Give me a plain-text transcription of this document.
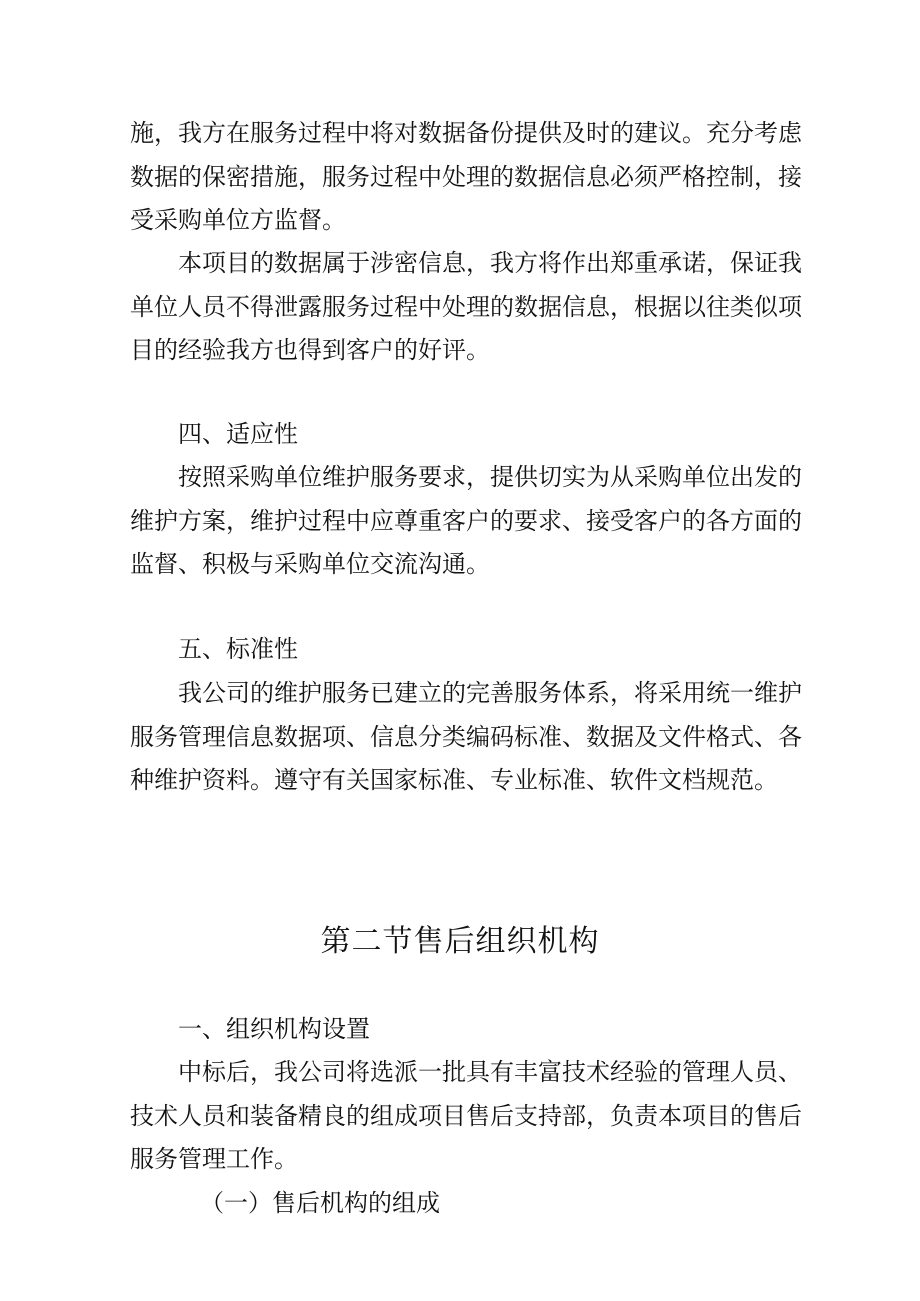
施，我方在服务过程中将对数据备份提供及时的建议。充分考虑数据的保密措施，服务过程中处理的数据信息必须严格控制，接受采购单位方监督。

本项目的数据属于涉密信息，我方将作出郑重承诺，保证我单位人员不得泄露服务过程中处理的数据信息，根据以往类似项目的经验我方也得到客户的好评。

四、适应性

按照采购单位维护服务要求，提供切实为从采购单位出发的维护方案，维护过程中应尊重客户的要求、接受客户的各方面的监督、积极与采购单位交流沟通。

五、标准性

我公司的维护服务已建立的完善服务体系，将采用统一维护服务管理信息数据项、信息分类编码标准、数据及文件格式、各种维护资料。遵守有关国家标准、专业标准、软件文档规范。

第二节售后组织机构

一、组织机构设置

中标后，我公司将选派一批具有丰富技术经验的管理人员、技术人员和装备精良的组成项目售后支持部，负责本项目的售后服务管理工作。

（一）售后机构的组成
